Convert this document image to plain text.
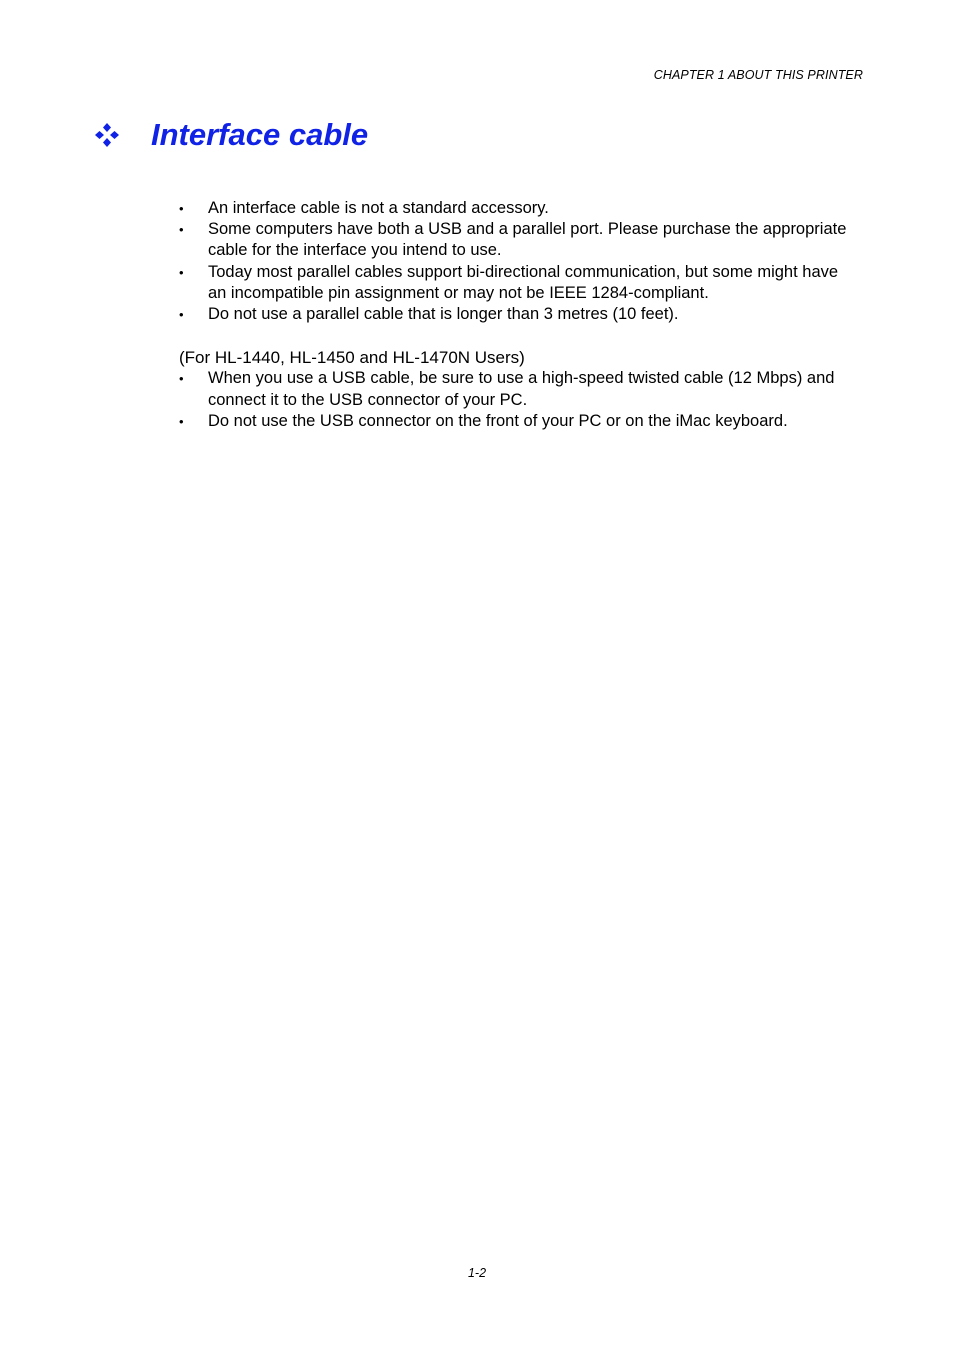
CHAPTER 1 ABOUT THIS PRINTER
Interface cable
• An interface cable is not a standard accessory.
• Some computers have both a USB and a parallel port. Please purchase the appropriate cable for the interface you intend to use.
• Today most parallel cables support bi-directional communication, but some might have an incompatible pin assignment or may not be IEEE 1284-compliant.
• Do not use a parallel cable that is longer than 3 metres (10 feet).
(For HL-1440, HL-1450 and HL-1470N Users)
• When you use a USB cable, be sure to use a high-speed twisted cable (12 Mbps) and connect it to the USB connector of your PC.
• Do not use the USB connector on the front of your PC or on the iMac keyboard.
1-2
